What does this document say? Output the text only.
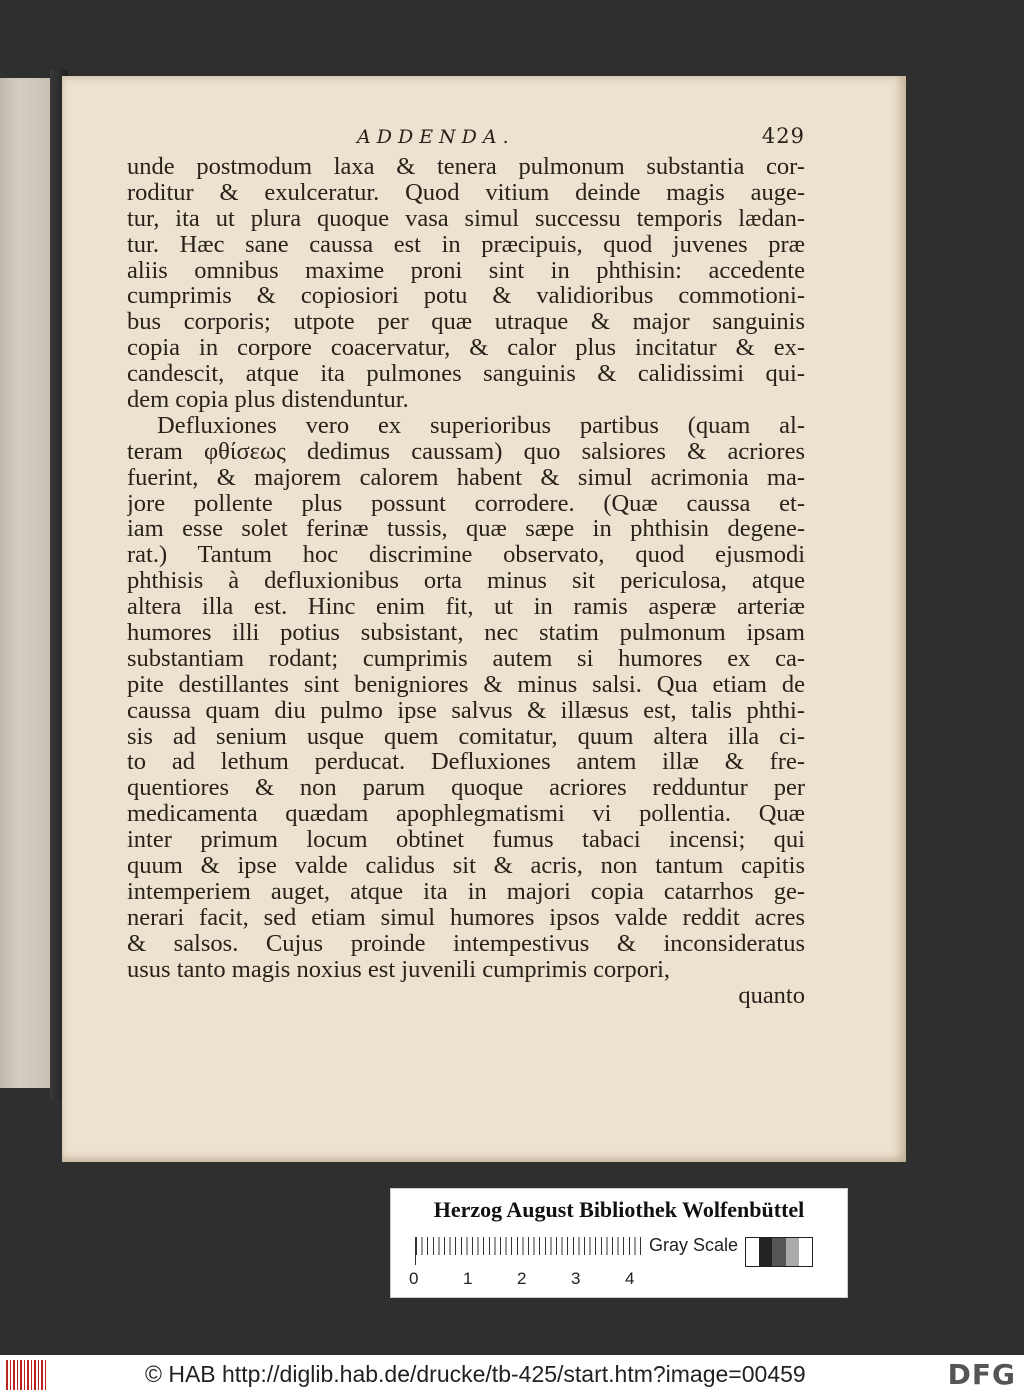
ADDENDA.	429
unde postmodum laxa & tenera pulmonum substantia cor-
roditur & exulceratur. Quod vitium deinde magis auge-
tur, ita ut plura quoque vasa simul successu temporis lædan-
tur. Hæc sane caussa est in præcipuis, quod juvenes præ
aliis omnibus maxime proni sint in phthisin: accedente
cumprimis & copiosiori potu & validioribus commotioni-
bus corporis; utpote per quæ utraque & major sanguinis
copia in corpore coacervatur, & calor plus incitatur & ex-
candescit, atque ita pulmones sanguinis & calidissimi qui-
dem copia plus distenduntur.
Defluxiones vero ex superioribus partibus (quam al-
teram φθίσεως dedimus caussam) quo salsiores & acriores
fuerint, & majorem calorem habent & simul acrimonia ma-
jore pollente plus possunt corrodere. (Quæ caussa et-
iam esse solet ferinæ tussis, quæ sæpe in phthisin degene-
rat.) Tantum hoc discrimine observato, quod ejusmodi
phthisis à defluxionibus orta minus sit periculosa, atque
altera illa est. Hinc enim fit, ut in ramis asperæ arteriæ
humores illi potius subsistant, nec statim pulmonum ipsam
substantiam rodant; cumprimis autem si humores ex ca-
pite destillantes sint benigniores & minus salsi. Qua etiam de
caussa quam diu pulmo ipse salvus & illæsus est, talis phthi-
sis ad senium usque quem comitatur, quum altera illa ci-
to ad lethum perducat. Defluxiones antem illæ & fre-
quentiores & non parum quoque acriores redduntur per
medicamenta quædam apophlegmatismi vi pollentia. Quæ
inter primum locum obtinet fumus tabaci incensi; qui
quum & ipse valde calidus sit & acris, non tantum capitis
intemperiem auget, atque ita in majori copia catarrhos ge-
nerari facit, sed etiam simul humores ipsos valde reddit acres
& salsos. Cujus proinde intempestivus & inconsideratus
usus tanto magis noxius est juvenili cumprimis corpori,
quanto
Herzog August Bibliothek Wolfenbüttel
0	1	2	3	4
Gray Scale
© HAB http://diglib.hab.de/drucke/tb-425/start.htm?image=00459	DFG
